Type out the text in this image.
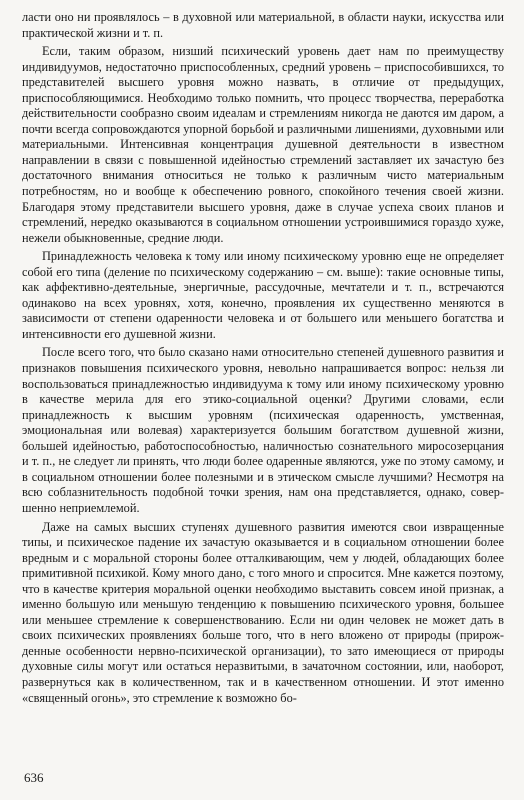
ласти оно ни проявлялось – в духовной или материальной, в области науки, искусства или практической жизни и т. п.

Если, таким образом, низший психический уровень дает нам по преимуществу индивидуумов, недостаточно приспособленных, средний уровень – приспособившихся, то представителей высшего уровня можно назвать, в отличие от предыдущих, приспособляющимися. Необходимо только помнить, что процесс творчества, переработка действительности сообразно своим идеалам и стремлениям никогда не даются им даром, а почти всегда сопровождаются упорной борьбой и различными лишениями, духовными или материальными. Интенсивная концентрация душевной деятельности в известном направлении в связи с повышенной идейностью стремлений заставляет их зачастую без достаточного внимания относиться не только к различным чисто материальным потребностям, но и вообще к обеспечению ровного, спокойного течения своей жизни. Благодаря этому представители высшего уровня, даже в случае успеха своих планов и стремлений, нередко оказываются в социальном отношении устроившимися гораздо хуже, нежели обыкновенные, средние люди.

Принадлежность человека к тому или иному психическому уровню еще не определяет собой его типа (деление по психическому содержанию – см. выше): такие основные типы, как аффективно-деятельные, энергичные, рассудочные, мечтатели и т. п., встречаются одинаково на всех уровнях, хотя, конечно, проявления их существенно меняются в зависимости от степени одаренности человека и от большего или меньшего богатства и интенсивности его душевной жизни.

После всего того, что было сказано нами относительно степеней душевного развития и признаков повышения психического уровня, невольно напрашивается вопрос: нельзя ли воспользоваться принадлежностью индивидуума к тому или иному психическому уровню в качестве мерила для его этико-социальной оценки? Другими словами, если принадлежность к высшим уровням (психическая одаренность, умственная, эмоциональная или волевая) характеризуется большим богатством душевной жизни, большей идейностью, работоспособностью, наличностью сознательного миросозерцания и т. п., не следует ли принять, что люди более одаренные являются, уже по этому самому, и в социальном отношении более полезными и в этическом смысле лучшими? Несмотря на всю соблазнительность подобной точки зрения, нам она представляется, однако, совершенно неприемлемой.

Даже на самых высших ступенях душевного развития имеются свои извращенные типы, и психическое падение их зачастую оказывается и в социальном отношении более вредным и с моральной стороны более отталкивающим, чем у людей, обладающих более примитивной психикой. Кому много дано, с того много и спросится. Мне кажется поэтому, что в качестве критерия моральной оценки необходимо выставить совсем иной признак, а именно большую или меньшую тенденцию к повышению психического уровня, большее или меньшее стремление к совершенствованию. Если ни один человек не может дать в своих психических проявлениях больше того, что в него вложено от природы (прирожденные особенности нервно-психической организации), то зато имеющиеся от природы духовные силы могут или остаться неразвитыми, в зачаточном состоянии, или, наоборот, развернуться как в количественном, так и в качественном отношении. И этот именно «священный огонь», это стремление к возможно бо-

636
